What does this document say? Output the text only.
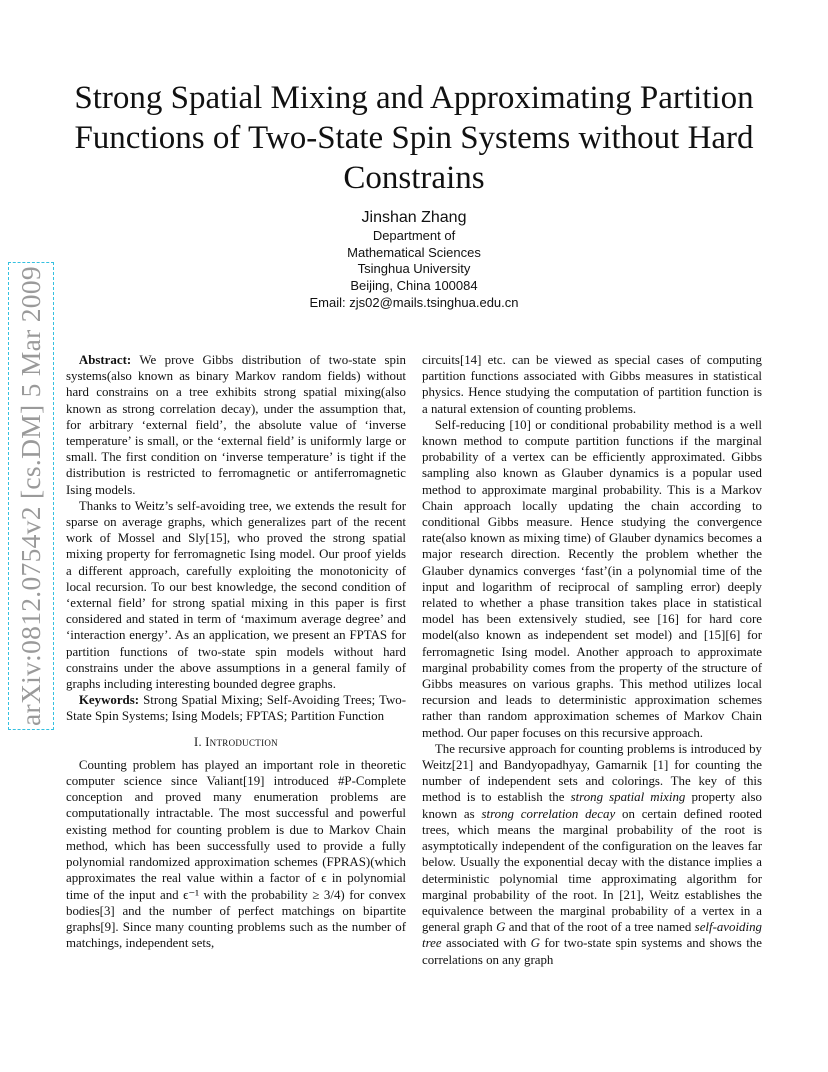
arXiv:0812.0754v2 [cs.DM] 5 Mar 2009
Strong Spatial Mixing and Approximating Partition
Functions of Two-State Spin Systems without Hard
Constrains
Jinshan Zhang
Department of
Mathematical Sciences
Tsinghua University
Beijing, China 100084
Email: zjs02@mails.tsinghua.edu.cn

Abstract: We prove Gibbs distribution of two-state spin systems(also known as binary Markov random fields) without hard constrains on a tree exhibits strong spatial mixing(also known as strong correlation decay), under the assumption that, for arbitrary ‘external field’, the absolute value of ‘inverse temperature’ is small, or the ‘external field’ is uniformly large or small. The first condition on ‘inverse temperature’ is tight if the distribution is restricted to ferromagnetic or antiferromagnetic Ising models.

Thanks to Weitz’s self-avoiding tree, we extends the result for sparse on average graphs, which generalizes part of the recent work of Mossel and Sly[15], who proved the strong spatial mixing property for ferromagnetic Ising model. Our proof yields a different approach, carefully exploiting the monotonicity of local recursion. To our best knowledge, the second condition of ‘external field’ for strong spatial mixing in this paper is first considered and stated in term of ‘maximum average degree’ and ‘interaction energy’. As an application, we present an FPTAS for partition functions of two-state spin models without hard constrains under the above assumptions in a general family of graphs including interesting bounded degree graphs.

Keywords: Strong Spatial Mixing; Self-Avoiding Trees; Two-State Spin Systems; Ising Models; FPTAS; Partition Function

I. Introduction

Counting problem has played an important role in theoretic computer science since Valiant[19] introduced #P-Complete conception and proved many enumeration problems are computationally intractable. The most successful and powerful existing method for counting problem is due to Markov Chain method, which has been successfully used to provide a fully polynomial randomized approximation schemes (FPRAS)(which approximates the real value within a factor of ϵ in polynomial time of the input and ϵ⁻¹ with the probability ≥ 3/4) for convex bodies[3] and the number of perfect matchings on bipartite graphs[9]. Since many counting problems such as the number of matchings, independent sets,

circuits[14] etc. can be viewed as special cases of computing partition functions associated with Gibbs measures in statistical physics. Hence studying the computation of partition function is a natural extension of counting problems.

Self-reducing [10] or conditional probability method is a well known method to compute partition functions if the marginal probability of a vertex can be efficiently approximated. Gibbs sampling also known as Glauber dynamics is a popular used method to approximate marginal probability. This is a Markov Chain approach locally updating the chain according to conditional Gibbs measure. Hence studying the convergence rate(also known as mixing time) of Glauber dynamics becomes a major research direction. Recently the problem whether the Glauber dynamics converges ‘fast’(in a polynomial time of the input and logarithm of reciprocal of sampling error) deeply related to whether a phase transition takes place in statistical model has been extensively studied, see [16] for hard core model(also known as independent set model) and [15][6] for ferromagnetic Ising model. Another approach to approximate marginal probability comes from the property of the structure of Gibbs measures on various graphs. This method utilizes local recursion and leads to deterministic approximation schemes rather than random approximation schemes of Markov Chain method. Our paper focuses on this recursive approach.

The recursive approach for counting problems is introduced by Weitz[21] and Bandyopadhyay, Gamarnik [1] for counting the number of independent sets and colorings. The key of this method is to establish the strong spatial mixing property also known as strong correlation decay on certain defined rooted trees, which means the marginal probability of the root is asymptotically independent of the configuration on the leaves far below. Usually the exponential decay with the distance implies a deterministic polynomial time approximating algorithm for marginal probability of the root. In [21], Weitz establishes the equivalence between the marginal probability of a vertex in a general graph G and that of the root of a tree named self-avoiding tree associated with G for two-state spin systems and shows the correlations on any graph
